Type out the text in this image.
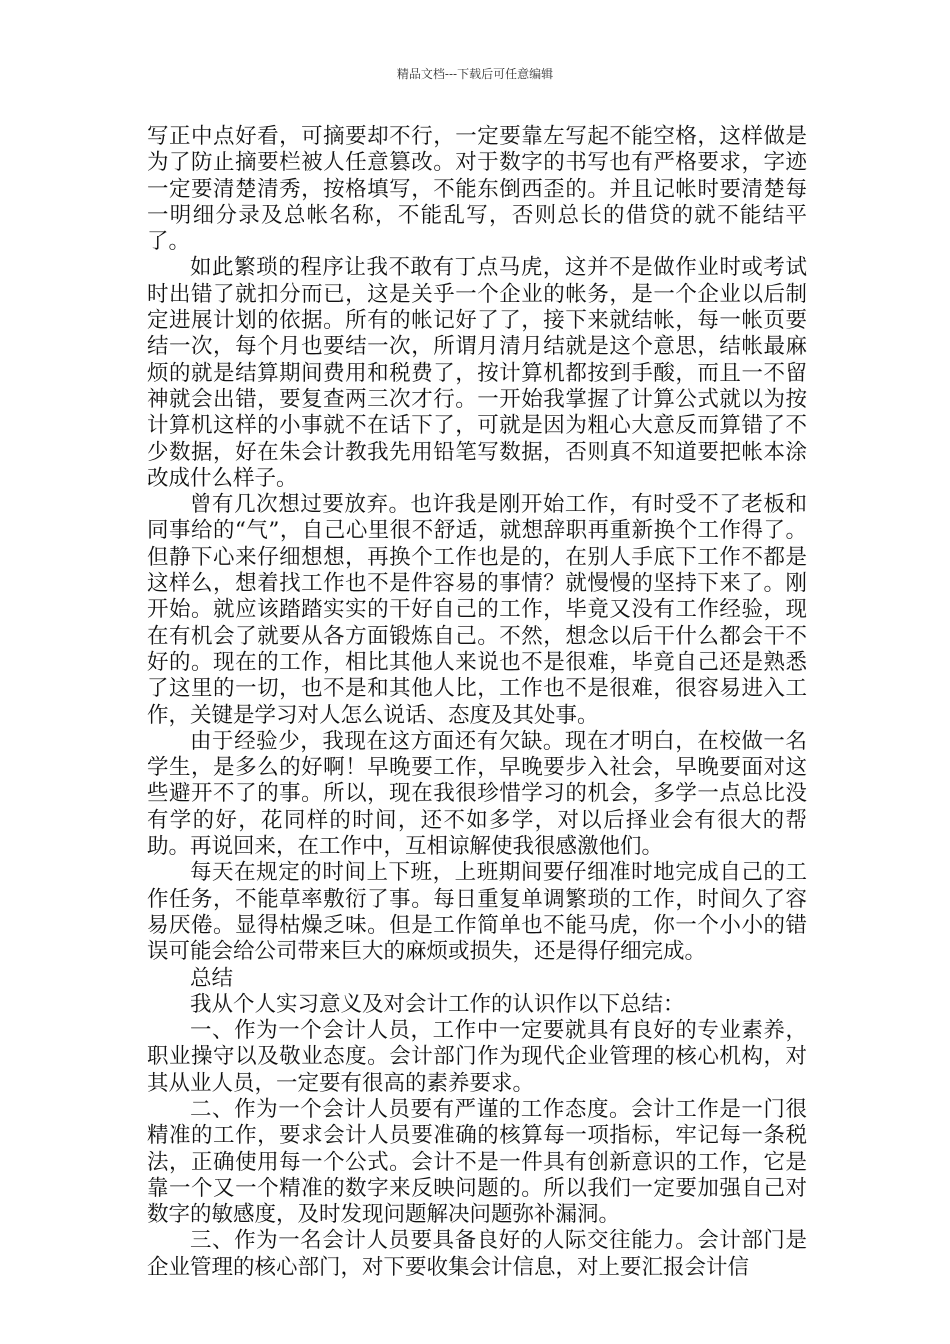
精品文档---下载后可任意编辑

写正中点好看，可摘要却不行，一定要靠左写起不能空格，这样做是为了防止摘要栏被人任意篡改。对于数字的书写也有严格要求，字迹一定要清楚清秀，按格填写，不能东倒西歪的。并且记帐时要清楚每一明细分录及总帐名称，不能乱写，否则总长的借贷的就不能结平了。

如此繁琐的程序让我不敢有丁点马虎，这并不是做作业时或考试时出错了就扣分而已，这是关乎一个企业的帐务，是一个企业以后制定进展计划的依据。所有的帐记好了了，接下来就结帐，每一帐页要结一次，每个月也要结一次，所谓月清月结就是这个意思，结帐最麻烦的就是结算期间费用和税费了，按计算机都按到手酸，而且一不留神就会出错，要复查两三次才行。一开始我掌握了计算公式就以为按计算机这样的小事就不在话下了，可就是因为粗心大意反而算错了不少数据，好在朱会计教我先用铅笔写数据，否则真不知道要把帐本涂改成什么样子。

曾有几次想过要放弃。也许我是刚开始工作，有时受不了老板和同事给的“气”，自己心里很不舒适，就想辞职再重新换个工作得了。但静下心来仔细想想，再换个工作也是的，在别人手底下工作不都是这样么，想着找工作也不是件容易的事情？就慢慢的坚持下来了。刚开始。就应该踏踏实实的干好自己的工作，毕竟又没有工作经验，现在有机会了就要从各方面锻炼自己。不然，想念以后干什么都会干不好的。现在的工作，相比其他人来说也不是很难，毕竟自己还是熟悉了这里的一切，也不是和其他人比，工作也不是很难，很容易进入工作，关键是学习对人怎么说话、态度及其处事。

由于经验少，我现在这方面还有欠缺。现在才明白，在校做一名学生，是多么的好啊！早晚要工作，早晚要步入社会，早晚要面对这些避开不了的事。所以，现在我很珍惜学习的机会，多学一点总比没有学的好，花同样的时间，还不如多学，对以后择业会有很大的帮助。再说回来，在工作中，互相谅解使我很感激他们。

每天在规定的时间上下班，上班期间要仔细准时地完成自己的工作任务，不能草率敷衍了事。每日重复单调繁琐的工作，时间久了容易厌倦。显得枯燥乏味。但是工作简单也不能马虎，你一个小小的错误可能会给公司带来巨大的麻烦或损失，还是得仔细完成。

总结

我从个人实习意义及对会计工作的认识作以下总结：

一、作为一个会计人员，工作中一定要就具有良好的专业素养，职业操守以及敬业态度。会计部门作为现代企业管理的核心机构，对其从业人员，一定要有很高的素养要求。

二、作为一个会计人员要有严谨的工作态度。会计工作是一门很精准的工作，要求会计人员要准确的核算每一项指标，牢记每一条税法，正确使用每一个公式。会计不是一件具有创新意识的工作，它是靠一个又一个精准的数字来反映问题的。所以我们一定要加强自己对数字的敏感度，及时发现问题解决问题弥补漏洞。

三、作为一名会计人员要具备良好的人际交往能力。会计部门是企业管理的核心部门，对下要收集会计信息，对上要汇报会计信
